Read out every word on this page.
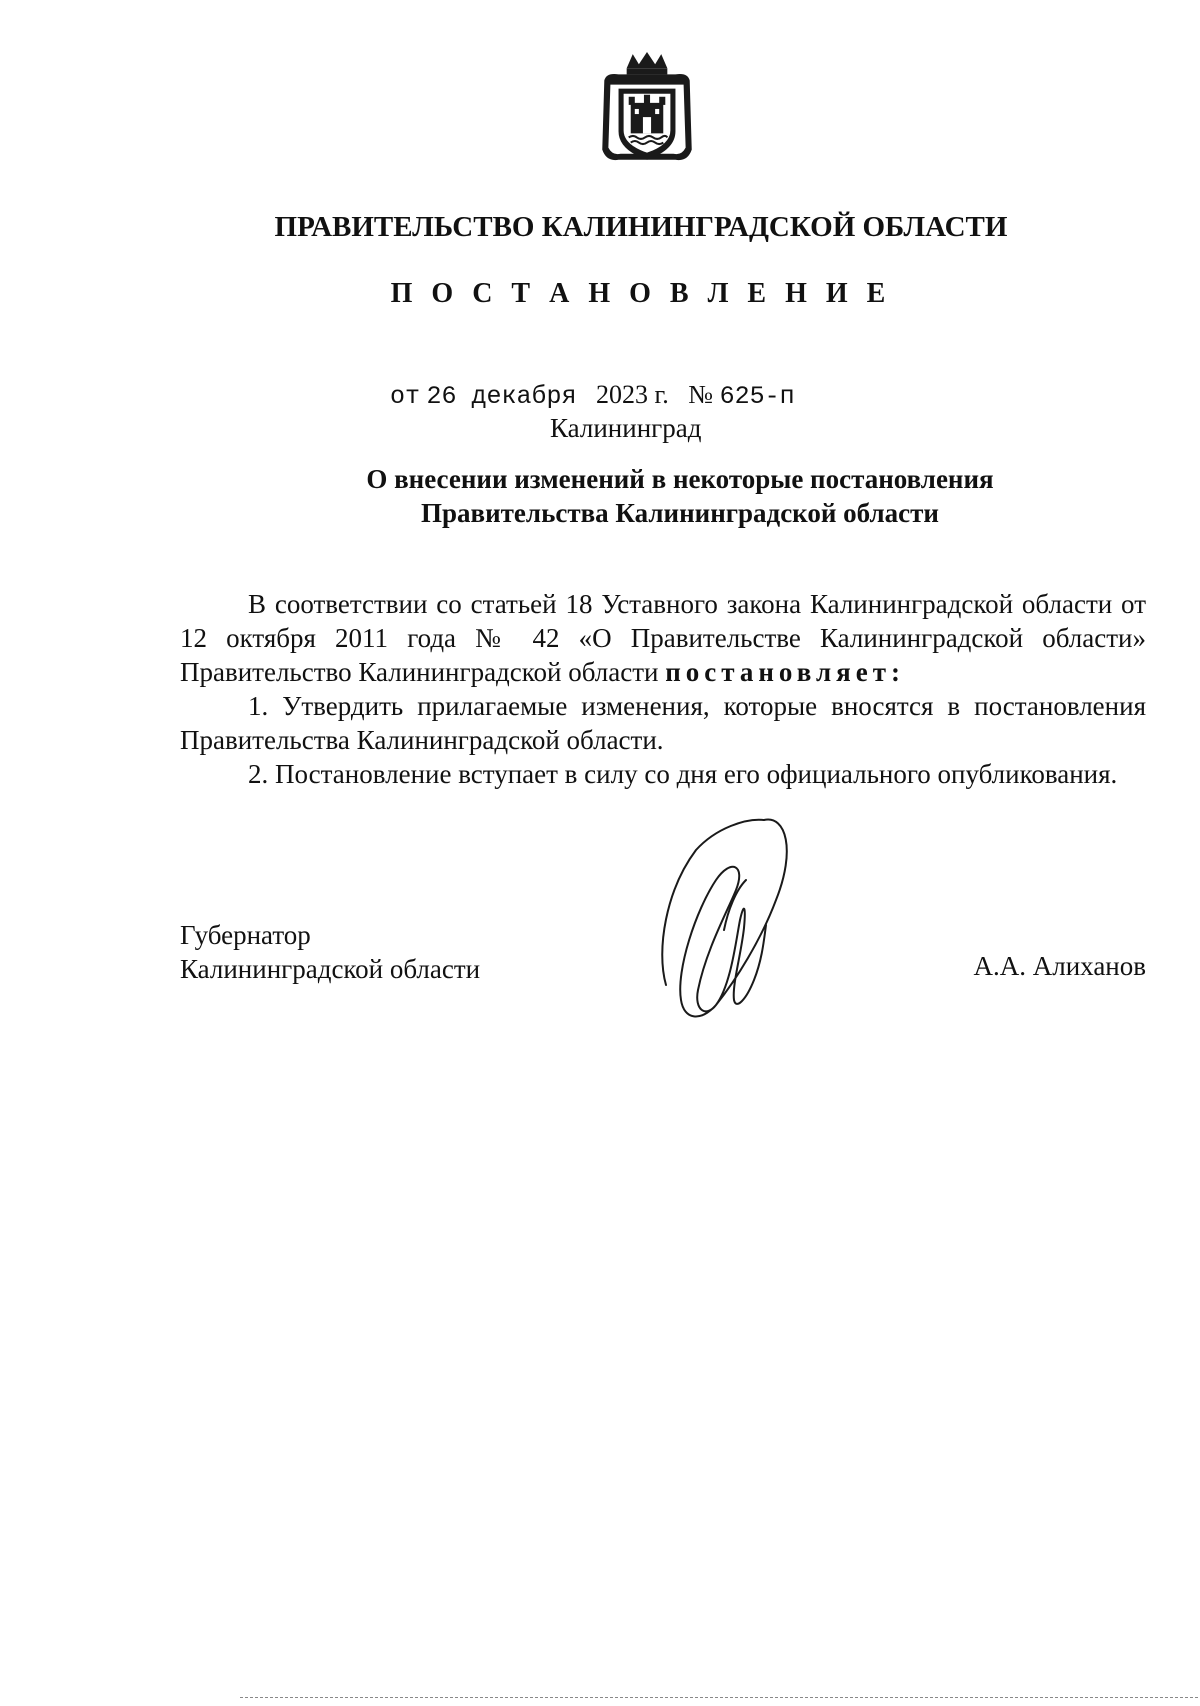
ПРАВИТЕЛЬСТВО КАЛИНИНГРАДСКОЙ ОБЛАСТИ
П О С Т А Н О В Л Е Н И Е
от 26 декабря 2023 г. № 625-п
Калининград
О внесении изменений в некоторые постановления
Правительства Калининградской области

В соответствии со статьей 18 Уставного закона Калининградской области от 12 октября 2011 года № 42 «О Правительстве Калининградской области» Правительство Калининградской области постановляет:

1. Утвердить прилагаемые изменения, которые вносятся в постановления Правительства Калининградской области.

2. Постановление вступает в силу со дня его официального опубликования.

Губернатор
Калининградской области	А.А. Алиханов
